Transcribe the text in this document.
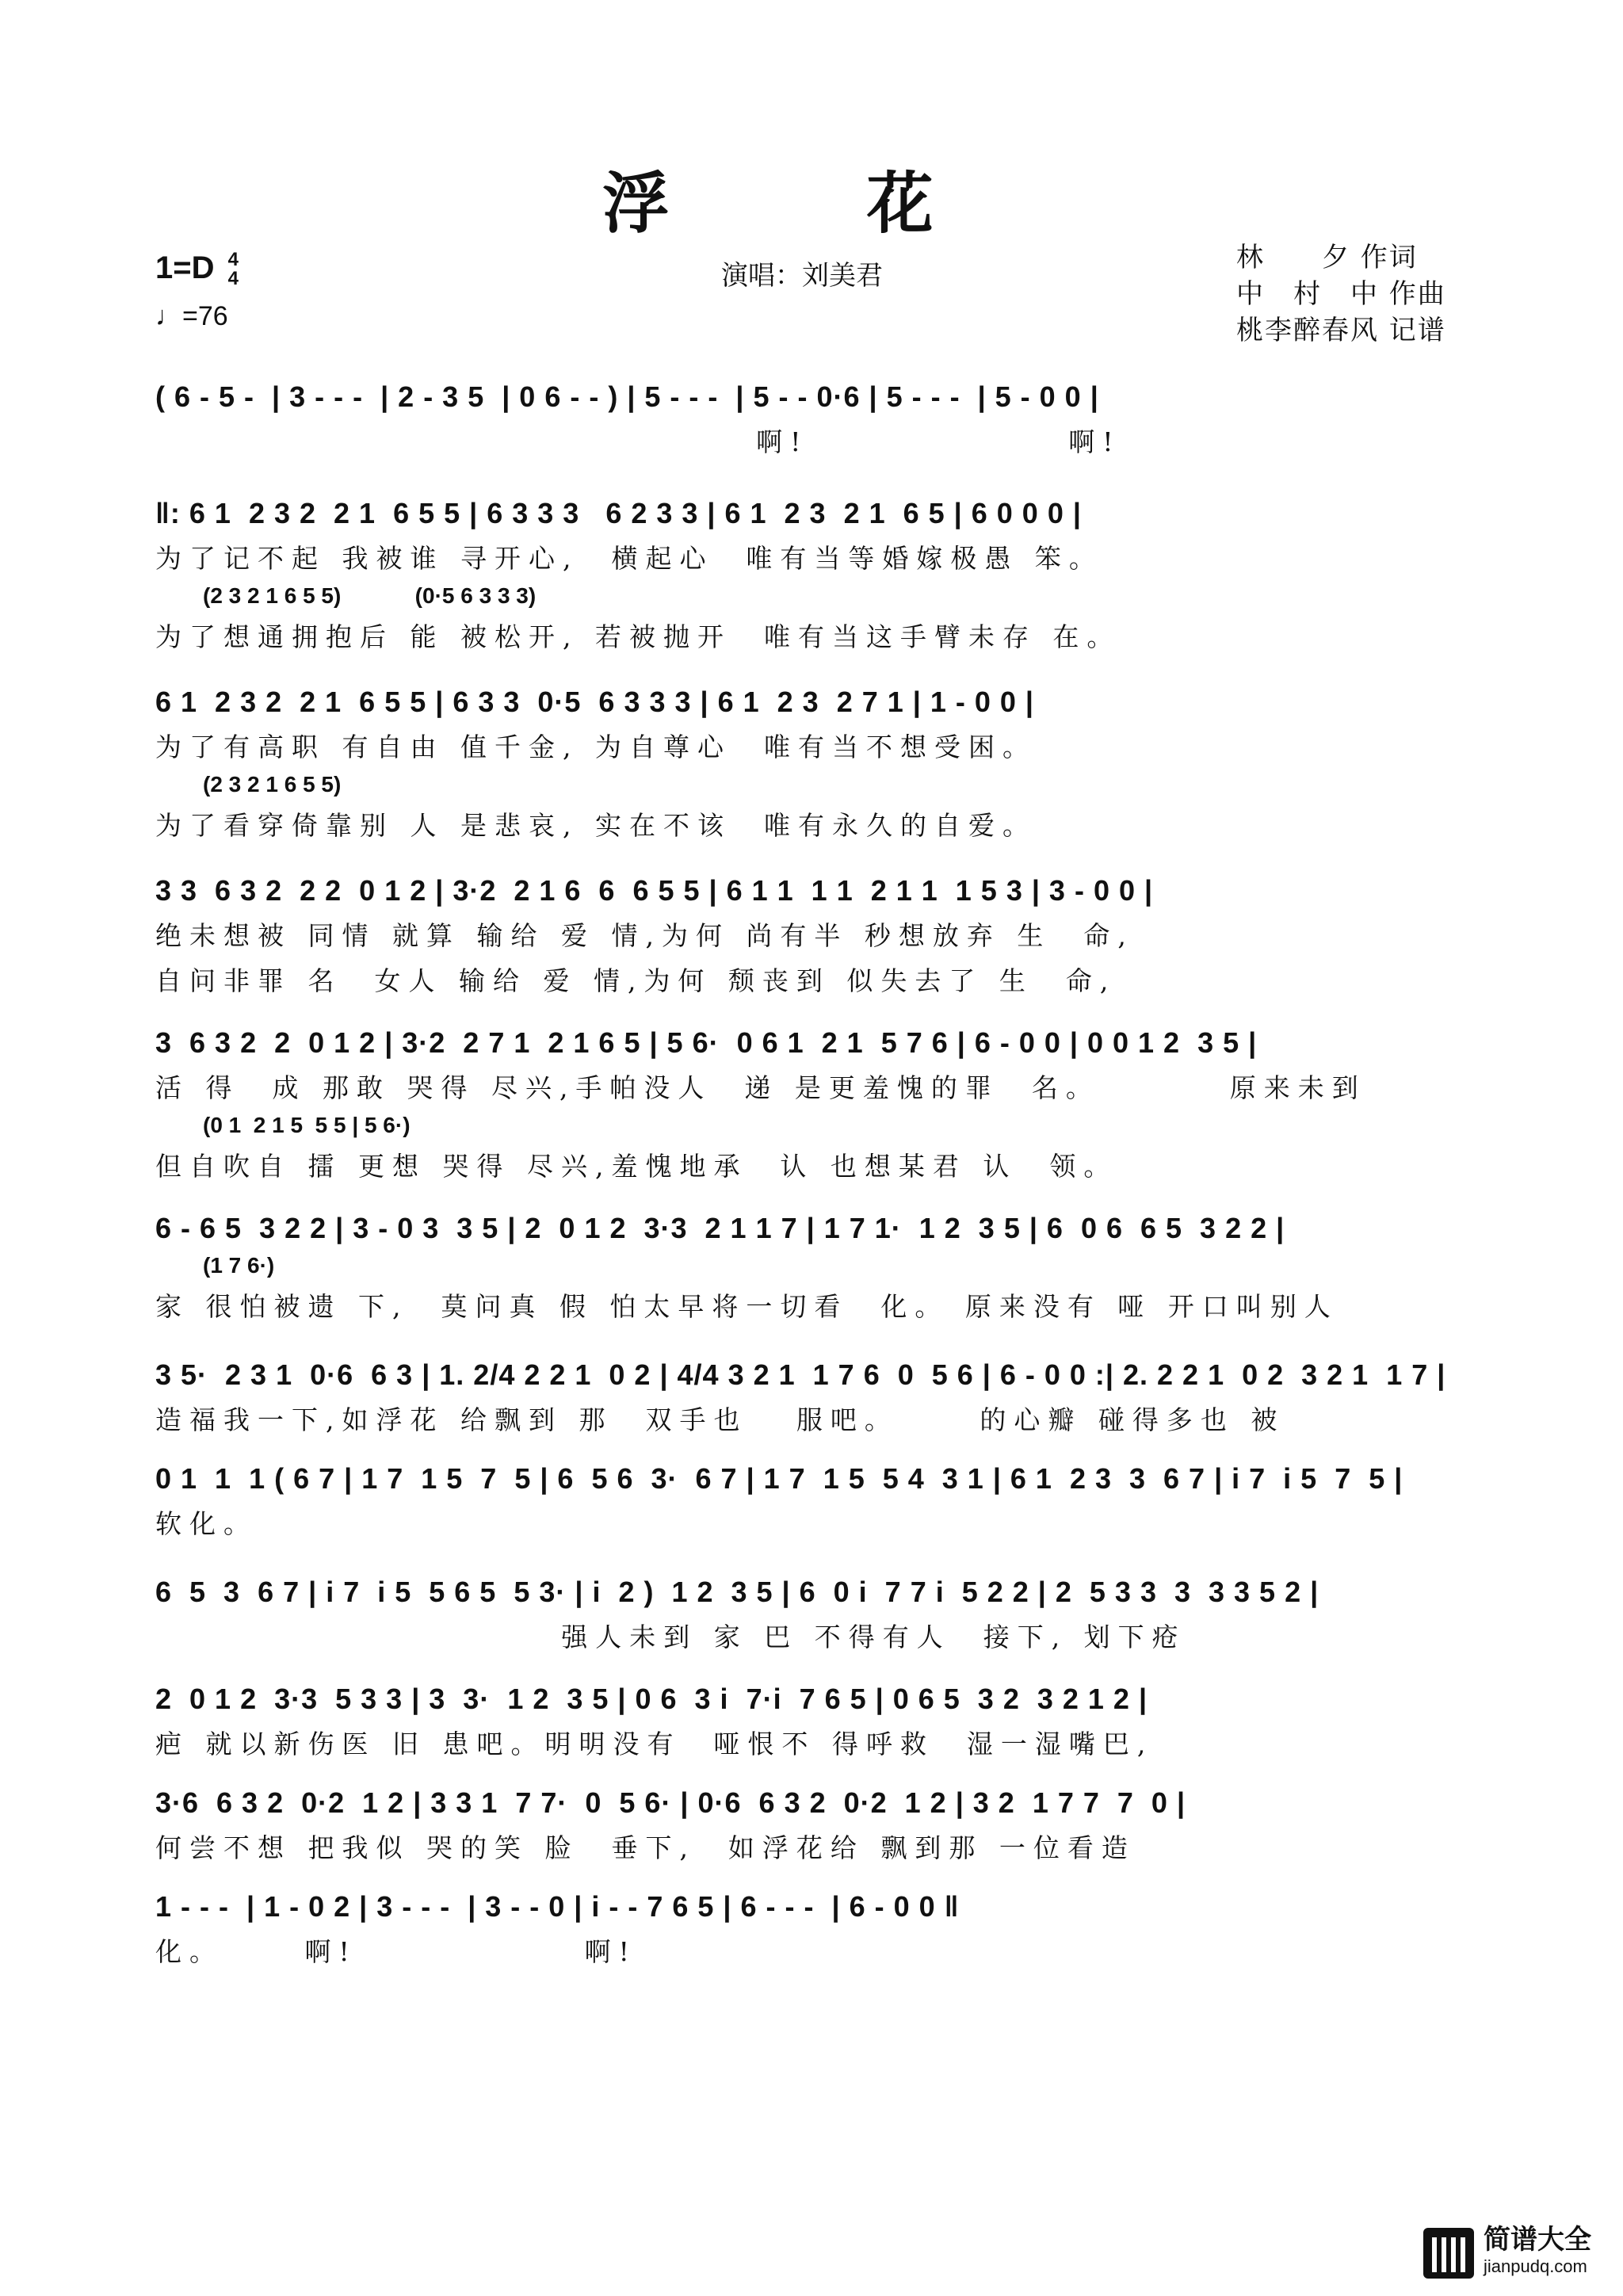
浮 花
1=D 4
4
♩=76
演唱：刘美君
林　　夕 作词
中　村　中 作曲
桃李醉春风 记谱
( 6 - 5 -  | 3 - - -  | 2 - 3 5  | 0 6 - - ) | 5 - - -  | 5 - - 0·6 | 5 - - -  | 5 - 0 0 |
啊!                啊!
‖: 6 1  2 3 2  2 1  6 5 5 | 6 3 3 3   6 2 3 3 | 6 1  2 3  2 1  6 5 | 6 0 0 0 |
为了记不起 我被谁 寻开心,  横起心  唯有当等婚嫁极愚 笨。
(2 3 2 1 6 5 5)            (0·5 6 3 3 3)
为了想通拥抱后 能 被松开, 若被抛开  唯有当这手臂未存 在。
6 1  2 3 2  2 1  6 5 5 | 6 3 3  0·5  6 3 3 3 | 6 1  2 3  2 7 1 | 1 - 0 0 |
为了有高职 有自由 值千金, 为自尊心  唯有当不想受困。
(2 3 2 1 6 5 5)
为了看穿倚靠别 人 是悲哀, 实在不该  唯有永久的自爱。
3 3  6 3 2  2 2  0 1 2 | 3·2  2 1 6  6  6 5 5 | 6 1 1  1 1  2 1 1  1 5 3 | 3 - 0 0 |
绝未想被 同情 就算 输给 爱 情,为何 尚有半 秒想放弃 生  命,
自问非罪 名  女人 输给 爱 情,为何 颓丧到 似失去了 生  命,
3  6 3 2  2  0 1 2 | 3·2  2 7 1  2 1 6 5 | 5 6·  0 6 1  2 1  5 7 6 | 6 - 0 0 | 0 0 1 2  3 5 |
活 得  成 那敢 哭得 尽兴,手帕没人  递 是更羞愧的罪  名。        原来未到
(0 1  2 1 5  5 5 | 5 6·)
但自吹自 擂 更想 哭得 尽兴,羞愧地承  认 也想某君 认  领。
6 - 6 5  3 2 2 | 3 - 0 3  3 5 | 2  0 1 2  3·3  2 1 1 7 | 1 7 1·  1 2  3 5 | 6  0 6  6 5  3 2 2 |
(1 7 6·)
家 很怕被遗 下,  莫问真 假 怕太早将一切看  化。 原来没有 哑 开口叫别人
3 5·  2 3 1  0·6  6 3 | 1. 2/4 2 2 1  0 2 | 4/4 3 2 1  1 7 6  0  5 6 | 6 - 0 0 :| 2. 2 2 1  0 2  3 2 1  1 7 |
造福我一下,如浮花 给飘到 那  双手也   服吧。     的心瓣 碰得多也 被
0 1  1  1 ( 6 7 | 1 7  1 5  7  5 | 6  5 6  3·  6 7 | 1 7  1 5  5 4  3 1 | 6 1  2 3  3  6 7 | i 7  i 5  7  5 |
软化。
6  5  3  6 7 | i 7  i 5  5 6 5  5 3· | i  2 )  1 2  3 5 | 6  0 i  7 7 i  5 2 2 | 2  5 3 3  3  3 3 5 2 |
强人未到 家 巴 不得有人  接下, 划下疮
2  0 1 2  3·3  5 3 3 | 3  3·  1 2  3 5 | 0 6  3 i  7·i  7 6 5 | 0 6 5  3 2  3 2 1 2 |
疤 就以新伤医 旧 患吧。明明没有  哑恨不 得呼救  湿一湿嘴巴,
3·6  6 3 2  0·2  1 2 | 3 3 1  7 7·  0  5 6· | 0·6  6 3 2  0·2  1 2 | 3 2  1 7 7  7  0 |
何尝不想 把我似 哭的笑 脸  垂下,  如浮花给 飘到那 一位看造
1 - - -  | 1 - 0 2 | 3 - - -  | 3 - - 0 | i - - 7 6 5 | 6 - - -  | 6 - 0 0 ‖
化。     啊!              啊!
简谱大全
jianpudq.com
